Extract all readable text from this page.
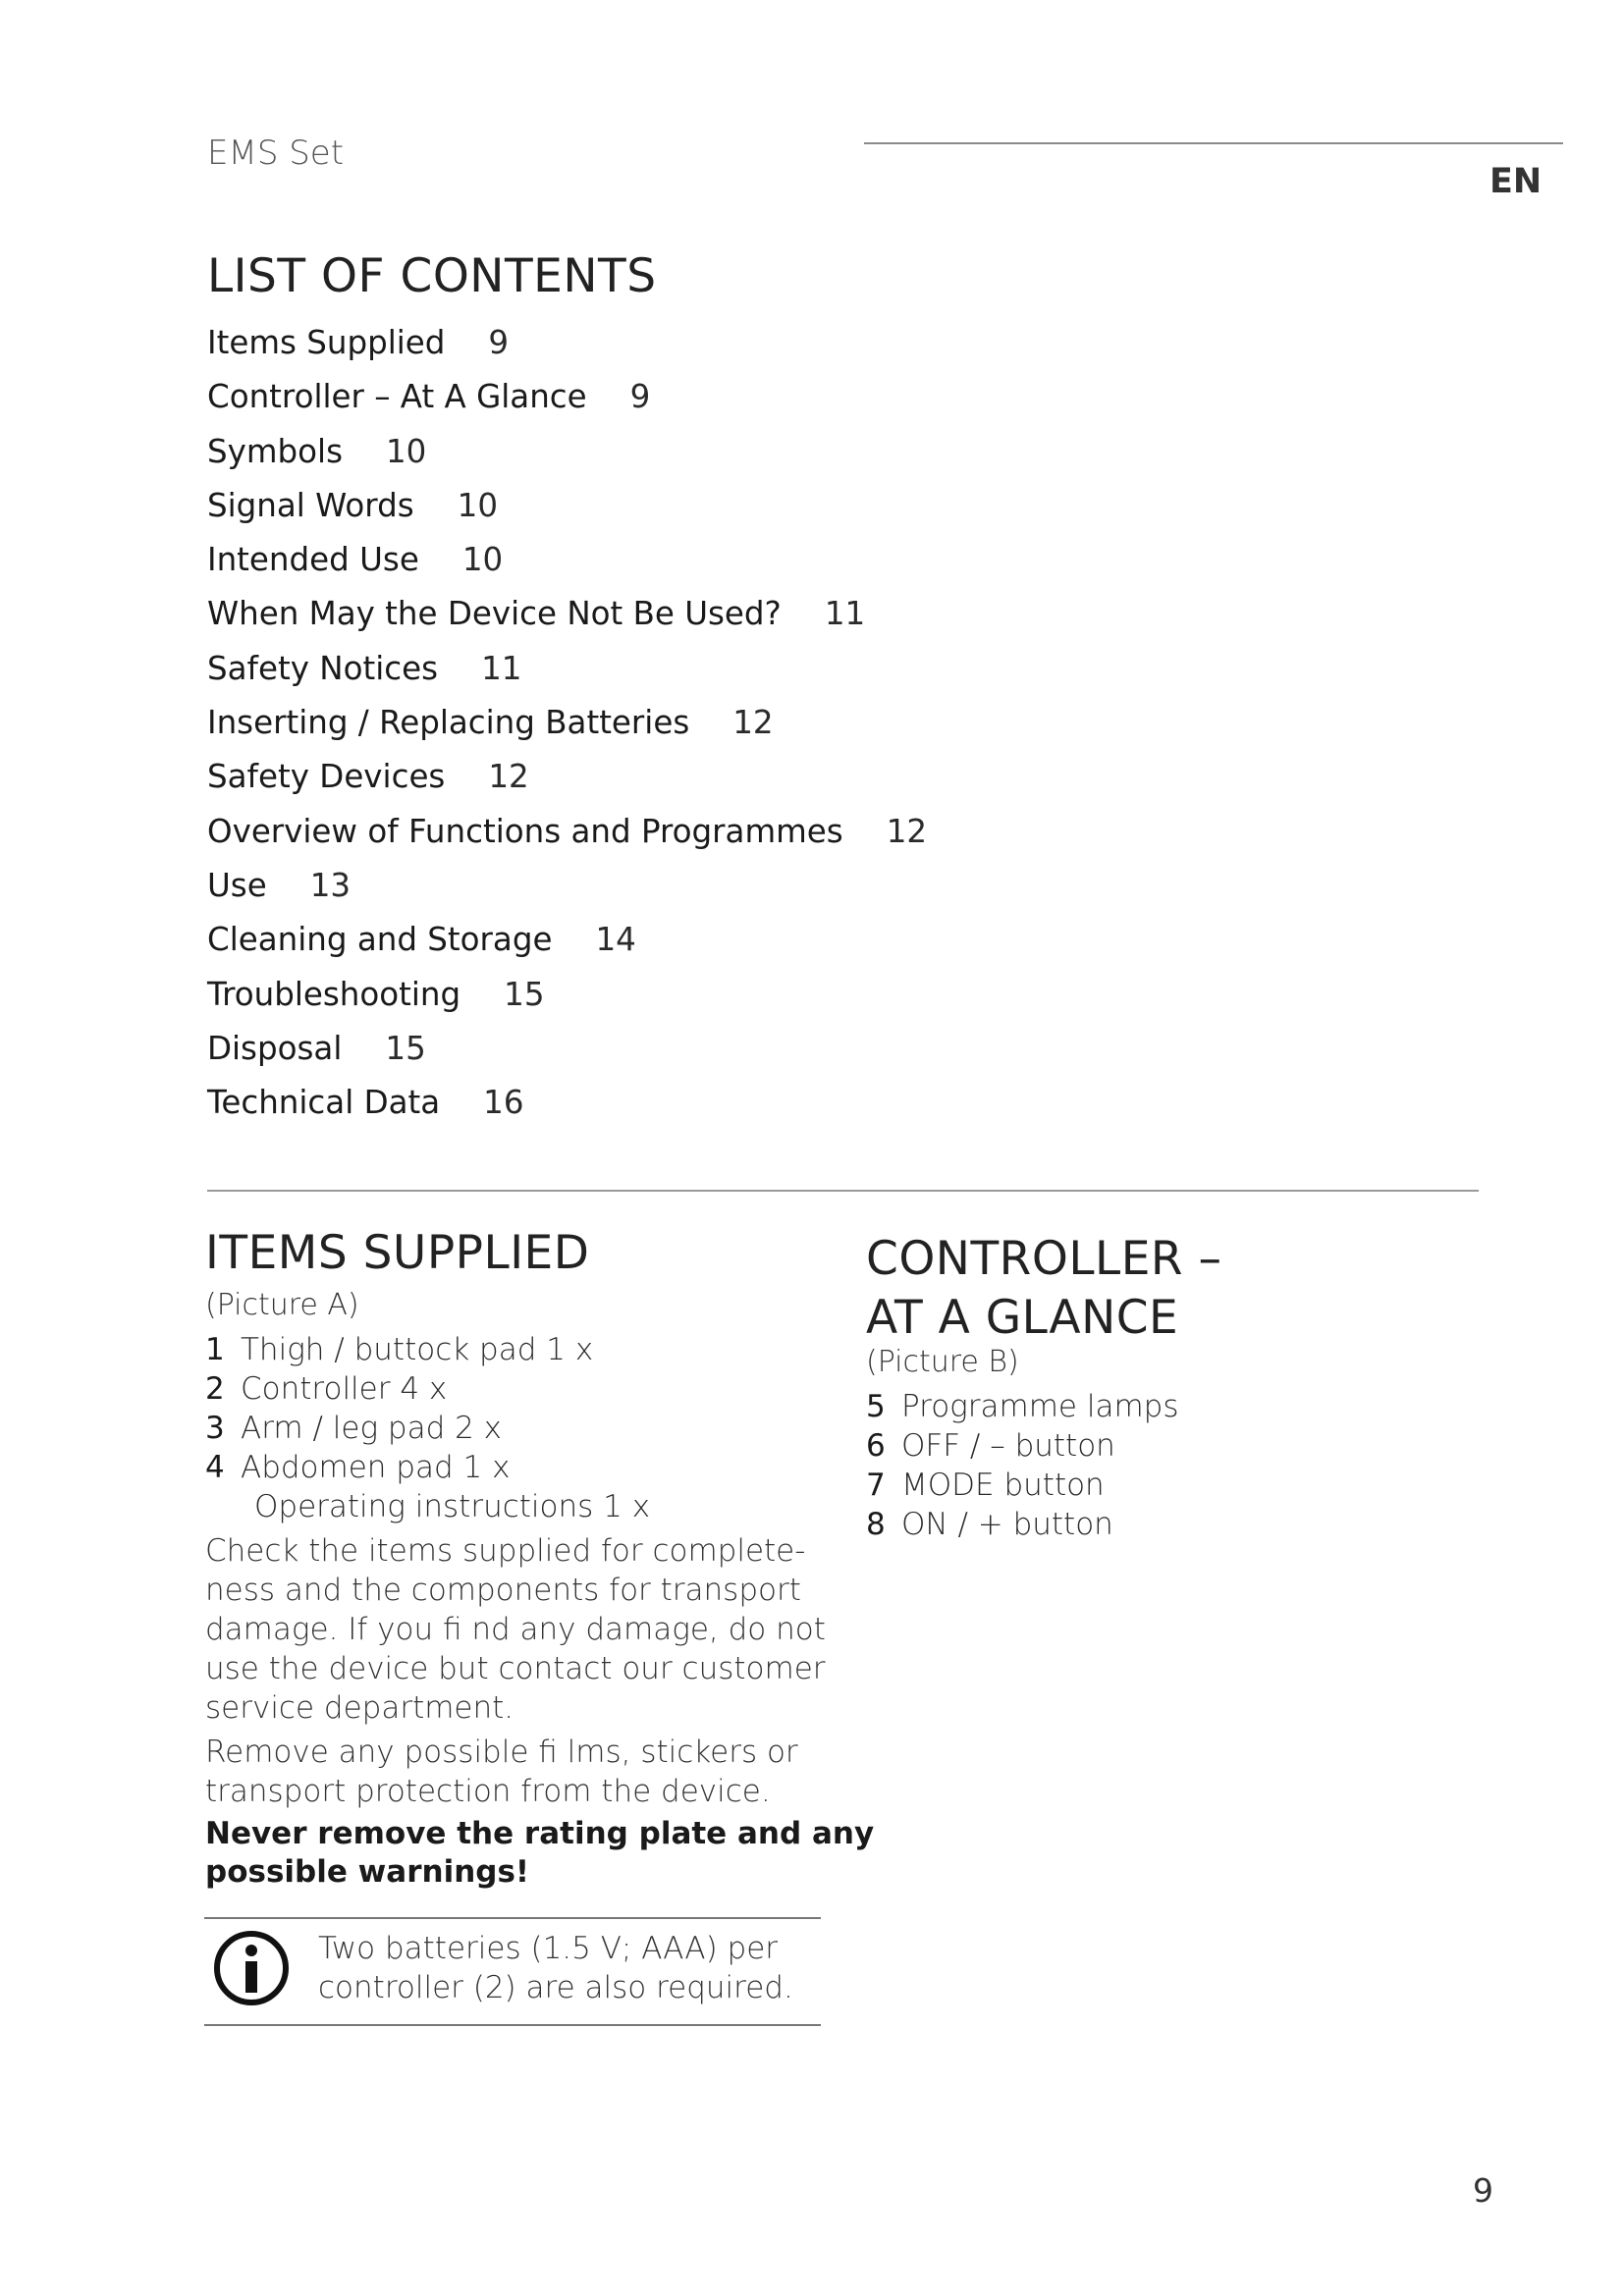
EMS Set
EN
LIST OF CONTENTS
Items Supplied 9
Controller – At A Glance 9
Symbols 10
Signal Words 10
Intended Use 10
When May the Device Not Be Used? 11
Safety Notices 11
Inserting / Replacing Batteries 12
Safety Devices 12
Overview of Functions and Programmes 12
Use 13
Cleaning and Storage 14
Troubleshooting 15
Disposal 15
Technical Data 16
ITEMS SUPPLIED
(Picture A)
1 Thigh / buttock pad 1 x
2 Controller 4 x
3 Arm / leg pad 2 x
4 Abdomen pad 1 x
Operating instructions 1 x

Check the items supplied for complete-

ness and the components for transport

damage. If you fi nd any damage, do not

use the device but contact our customer

service department.

Remove any possible fi lms, stickers or

transport protection from the device.

Never remove the rating plate and any

possible warnings!

Two batteries (1.5 V; AAA) per
controller (2) are also required.
CONTROLLER –
AT A GLANCE
(Picture B)
5 Programme lamps
6 OFF / – button
7 MODE button
8 ON / + button
9
